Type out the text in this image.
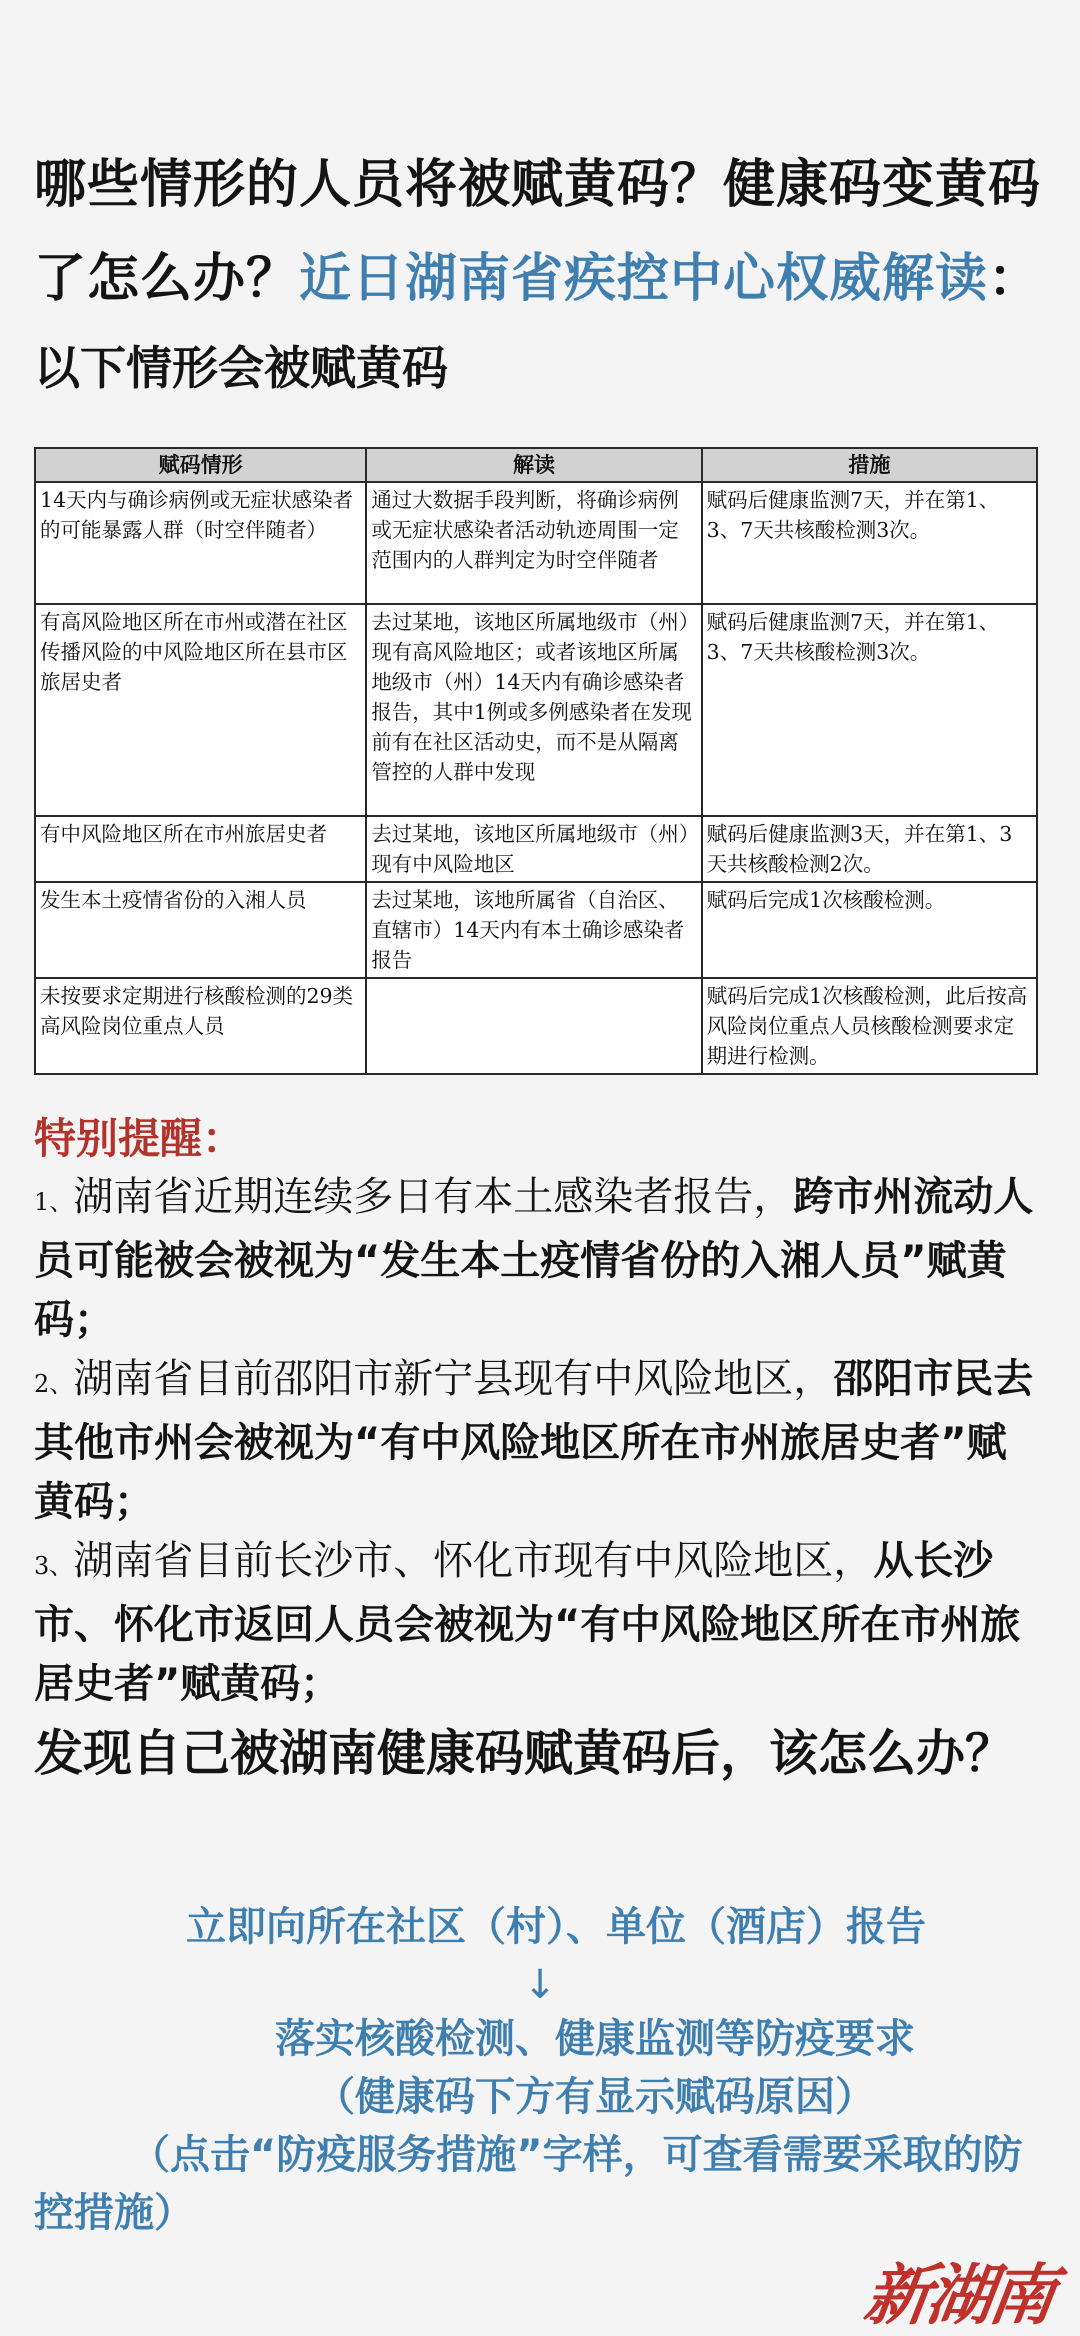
哪些情形的人员将被赋黄码？健康码变黄码了怎么办？近日湖南省疾控中心权威解读：
以下情形会被赋黄码
赋码情形	解读	措施
14天内与确诊病例或无症状感染者的可能暴露人群（时空伴随者）	通过大数据手段判断，将确诊病例或无症状感染者活动轨迹周围一定范围内的人群判定为时空伴随者	赋码后健康监测7天，并在第1、3、7天共核酸检测3次。
有高风险地区所在市州或潜在社区传播风险的中风险地区所在县市区旅居史者	去过某地，该地区所属地级市（州）现有高风险地区；或者该地区所属地级市（州）14天内有确诊感染者报告，其中1例或多例感染者在发现前有在社区活动史，而不是从隔离管控的人群中发现	赋码后健康监测7天，并在第1、3、7天共核酸检测3次。
有中风险地区所在市州旅居史者	去过某地，该地区所属地级市（州）现有中风险地区	赋码后健康监测3天，并在第1、3天共核酸检测2次。
发生本土疫情省份的入湘人员	去过某地，该地所属省（自治区、直辖市）14天内有本土确诊感染者报告	赋码后完成1次核酸检测。
未按要求定期进行核酸检测的29类高风险岗位重点人员		赋码后完成1次核酸检测，此后按高风险岗位重点人员核酸检测要求定期进行检测。
特别提醒：

1、湖南省近期连续多日有本土感染者报告，跨市州流动人员可能被会被视为“发生本土疫情省份的入湘人员”赋黄码；

2、湖南省目前邵阳市新宁县现有中风险地区，邵阳市民去其他市州会被视为“有中风险地区所在市州旅居史者”赋黄码；

3、湖南省目前长沙市、怀化市现有中风险地区，从长沙市、怀化市返回人员会被视为“有中风险地区所在市州旅居史者”赋黄码；

发现自己被湖南健康码赋黄码后，该怎么办？

立即向所在社区（村）、单位（酒店）报告

↓

落实核酸检测、健康监测等防疫要求

（健康码下方有显示赋码原因）

（点击“防疫服务措施”字样，可查看需要采取的防控措施）

新湖南
